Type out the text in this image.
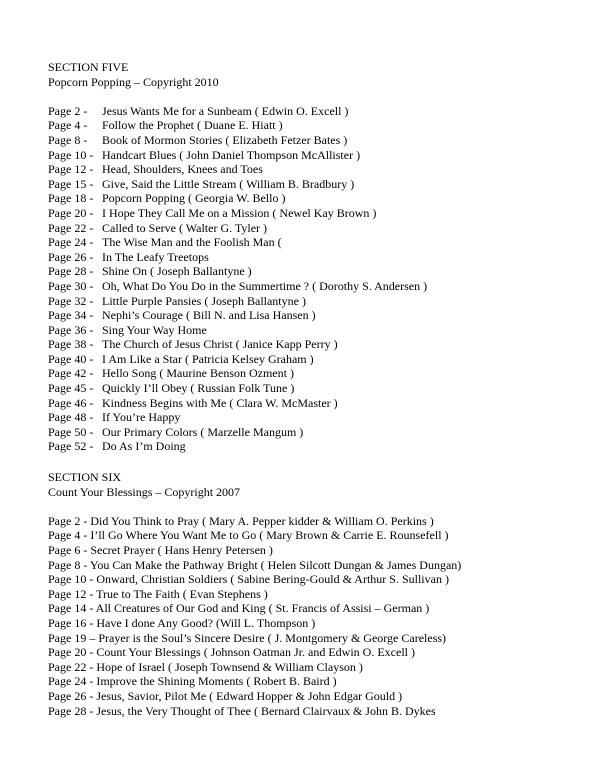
SECTION FIVE
Popcorn Popping – Copyright 2010
Page 2 - Jesus Wants Me for a Sunbeam ( Edwin O. Excell )
Page 4 - Follow the Prophet ( Duane E. Hiatt )
Page 8 - Book of Mormon Stories ( Elizabeth Fetzer Bates )
Page 10 - Handcart Blues ( John Daniel Thompson McAllister )
Page 12 - Head, Shoulders, Knees and Toes
Page 15 - Give, Said the Little Stream ( William B. Bradbury )
Page 18 - Popcorn Popping ( Georgia W. Bello )
Page 20 - I Hope They Call Me on a Mission ( Newel Kay Brown )
Page 22 - Called to Serve ( Walter G. Tyler )
Page 24 - The Wise Man and the Foolish Man (
Page 26 - In The Leafy Treetops
Page 28 - Shine On ( Joseph Ballantyne )
Page 30 - Oh, What Do You Do in the Summertime ? ( Dorothy S. Andersen )
Page 32 - Little Purple Pansies ( Joseph Ballantyne )
Page 34 - Nephi’s Courage ( Bill N. and Lisa Hansen )
Page 36 - Sing Your Way Home
Page 38 - The Church of Jesus Christ ( Janice Kapp Perry )
Page 40 - I Am Like a Star ( Patricia Kelsey Graham )
Page 42 - Hello Song ( Maurine Benson Ozment )
Page 45 - Quickly I’ll Obey ( Russian Folk Tune )
Page 46 - Kindness Begins with Me ( Clara W. McMaster )
Page 48 - If You’re Happy
Page 50 - Our Primary Colors ( Marzelle Mangum )
Page 52 - Do As I’m Doing
SECTION SIX
Count Your Blessings – Copyright 2007
Page 2 - Did You Think to Pray ( Mary A. Pepper kidder & William O. Perkins )
Page 4 - I’ll Go Where You Want Me to Go ( Mary Brown & Carrie E. Rounsefell )
Page 6 - Secret Prayer ( Hans Henry Petersen )
Page 8 - You Can Make the Pathway Bright ( Helen Silcott Dungan & James Dungan)
Page 10 - Onward, Christian Soldiers ( Sabine Bering-Gould & Arthur S. Sullivan )
Page 12 - True to The Faith ( Evan Stephens )
Page 14 - All Creatures of Our God and King ( St. Francis of Assisi – German )
Page 16 - Have I done Any Good? (Will L. Thompson )
Page 19 – Prayer is the Soul’s Sincere Desire ( J. Montgomery & George Careless)
Page 20 - Count Your Blessings ( Johnson Oatman Jr. and Edwin O. Excell )
Page 22 - Hope of Israel ( Joseph Townsend & William Clayson )
Page 24 - Improve the Shining Moments ( Robert B. Baird )
Page 26 - Jesus, Savior, Pilot Me ( Edward Hopper & John Edgar Gould )
Page 28 - Jesus, the Very Thought of Thee ( Bernard Clairvaux & John B. Dykes
